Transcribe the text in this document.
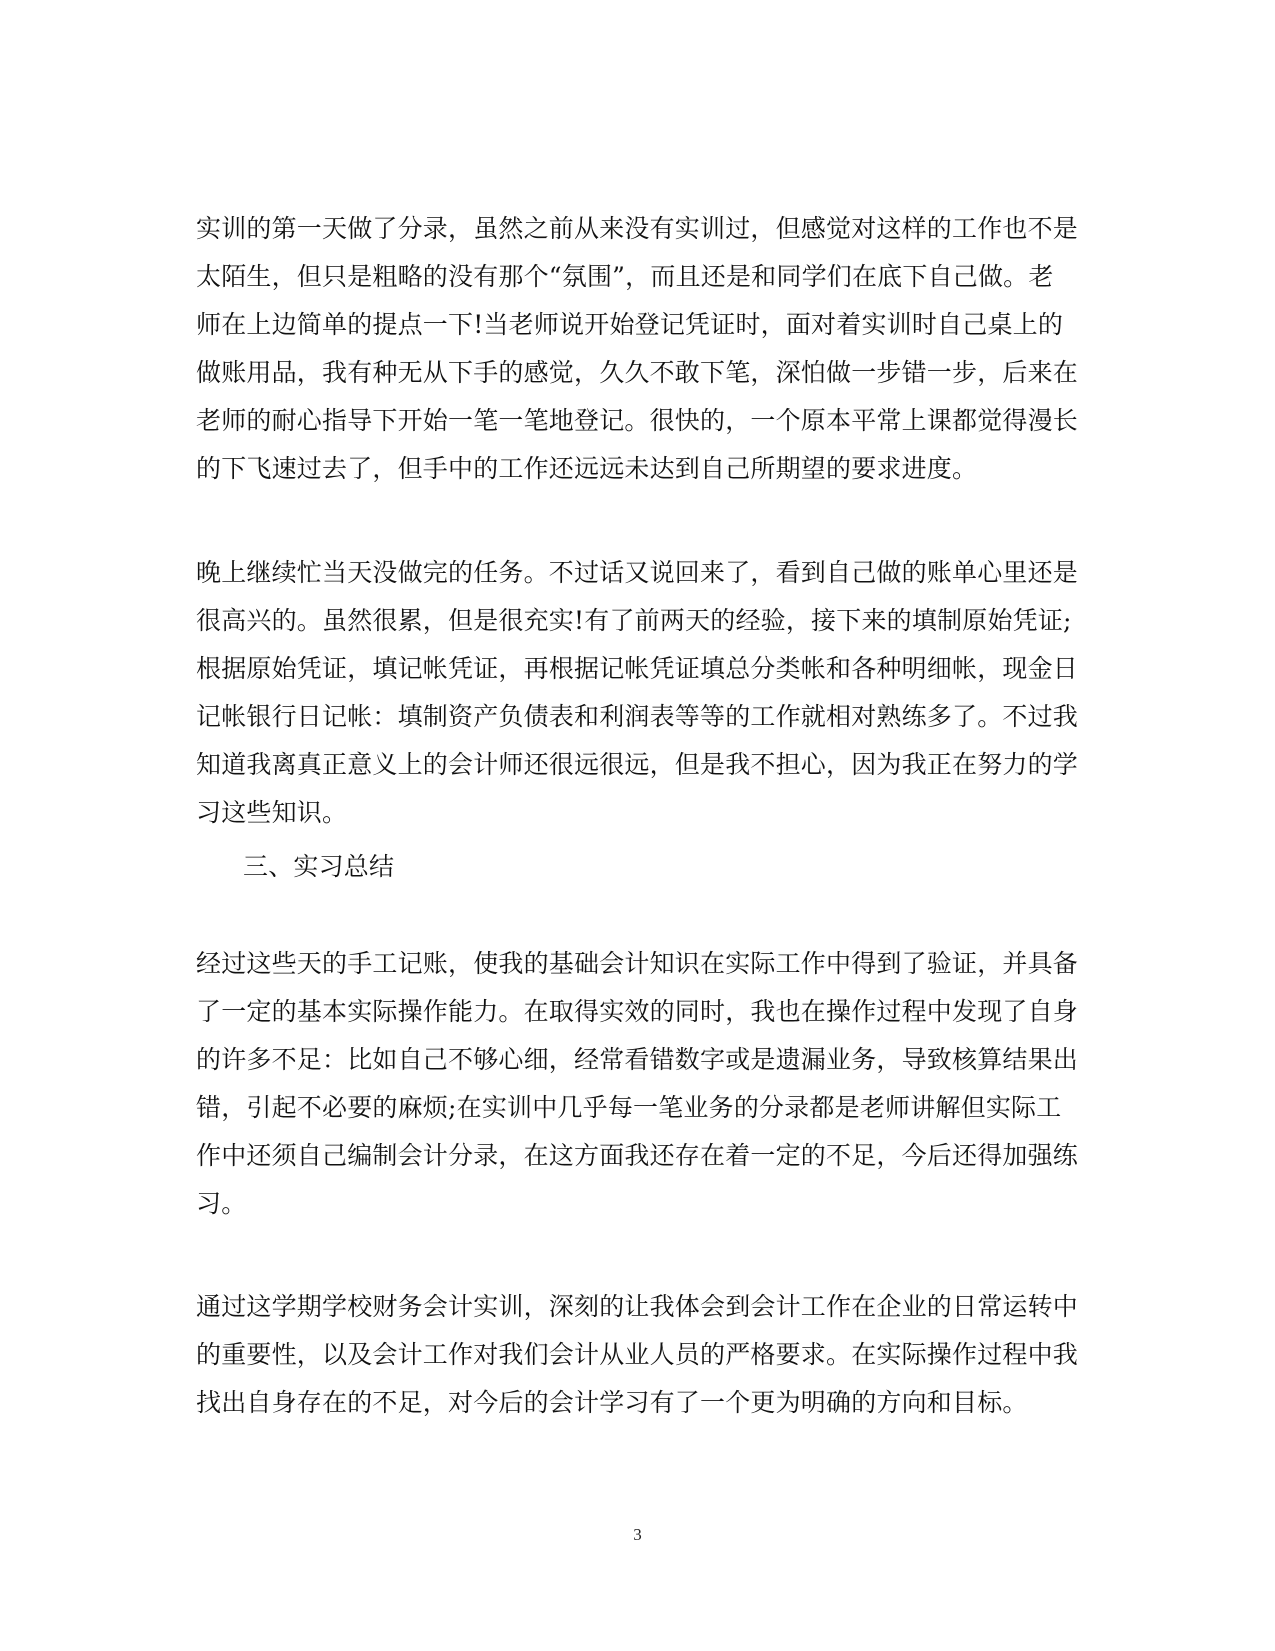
实训的第一天做了分录，虽然之前从来没有实训过，但感觉对这样的工作也不是
太陌生，但只是粗略的没有那个“氛围”，而且还是和同学们在底下自己做。老
师在上边简单的提点一下!当老师说开始登记凭证时，面对着实训时自己桌上的
做账用品，我有种无从下手的感觉，久久不敢下笔，深怕做一步错一步，后来在
老师的耐心指导下开始一笔一笔地登记。很快的，一个原本平常上课都觉得漫长
的下飞速过去了，但手中的工作还远远未达到自己所期望的要求进度。
晚上继续忙当天没做完的任务。不过话又说回来了，看到自己做的账单心里还是
很高兴的。虽然很累，但是很充实!有了前两天的经验，接下来的填制原始凭证;
根据原始凭证，填记帐凭证，再根据记帐凭证填总分类帐和各种明细帐，现金日
记帐银行日记帐：填制资产负债表和利润表等等的工作就相对熟练多了。不过我
知道我离真正意义上的会计师还很远很远，但是我不担心，因为我正在努力的学
习这些知识。
三、实习总结
经过这些天的手工记账，使我的基础会计知识在实际工作中得到了验证，并具备
了一定的基本实际操作能力。在取得实效的同时，我也在操作过程中发现了自身
的许多不足：比如自己不够心细，经常看错数字或是遗漏业务，导致核算结果出
错，引起不必要的麻烦;在实训中几乎每一笔业务的分录都是老师讲解但实际工
作中还须自己编制会计分录，在这方面我还存在着一定的不足，今后还得加强练
习。
通过这学期学校财务会计实训，深刻的让我体会到会计工作在企业的日常运转中
的重要性，以及会计工作对我们会计从业人员的严格要求。在实际操作过程中我
找出自身存在的不足，对今后的会计学习有了一个更为明确的方向和目标。
3
